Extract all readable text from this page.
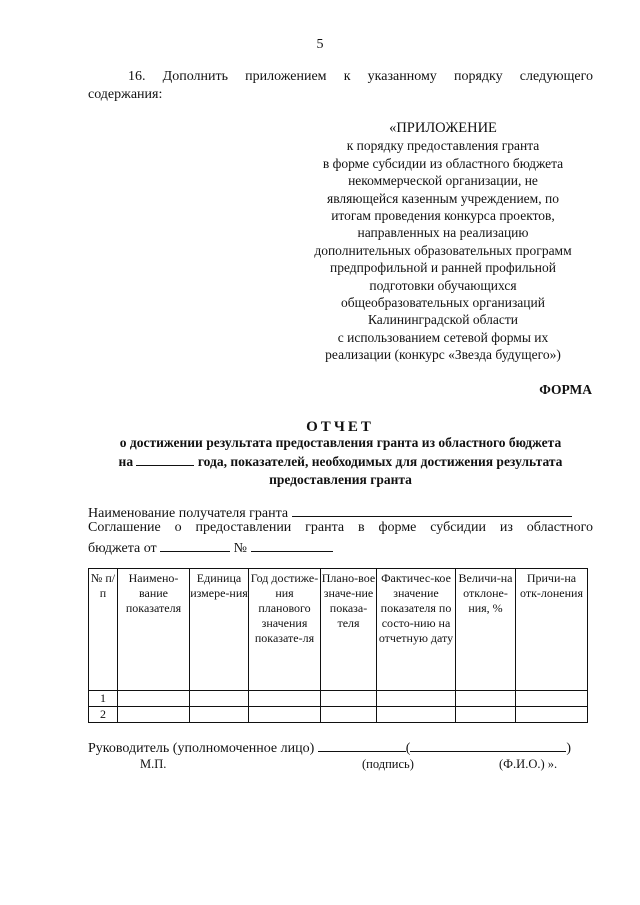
5
16. Дополнить приложением к указанному порядку следующего
содержания:
«ПРИЛОЖЕНИЕ
к порядку предоставления гранта
в форме субсидии из областного бюджета
некоммерческой организации, не
являющейся казенным учреждением, по
итогам проведения конкурса проектов,
направленных на реализацию
дополнительных образовательных программ
предпрофильной и ранней профильной
подготовки обучающихся
общеобразовательных организаций
Калининградской области
с использованием сетевой формы их
реализации (конкурс «Звезда будущего»)
ФОРМА
ОТЧЕТ
о достижении результата предоставления гранта из областного бюджета
на	года, показателей, необходимых для достижения результата
предоставления гранта
Наименование получателя гранта
Соглашение о предоставлении гранта в форме субсидии из областного
бюджета от	№
№ п/п	Наимено-вание показателя	Единица измере-ния	Год достиже-ния планового значения показате-ля	Плано-вое значе-ние показа-теля	Фактичес-кое значение показателя по состо-нию на отчетную дату	Величи-на отклоне-ния, %	Причи-на отк-лонения
1							
2							
Руководитель (уполномоченное лицо)	(	)
М.П.	(подпись)	(Ф.И.О.) ».
